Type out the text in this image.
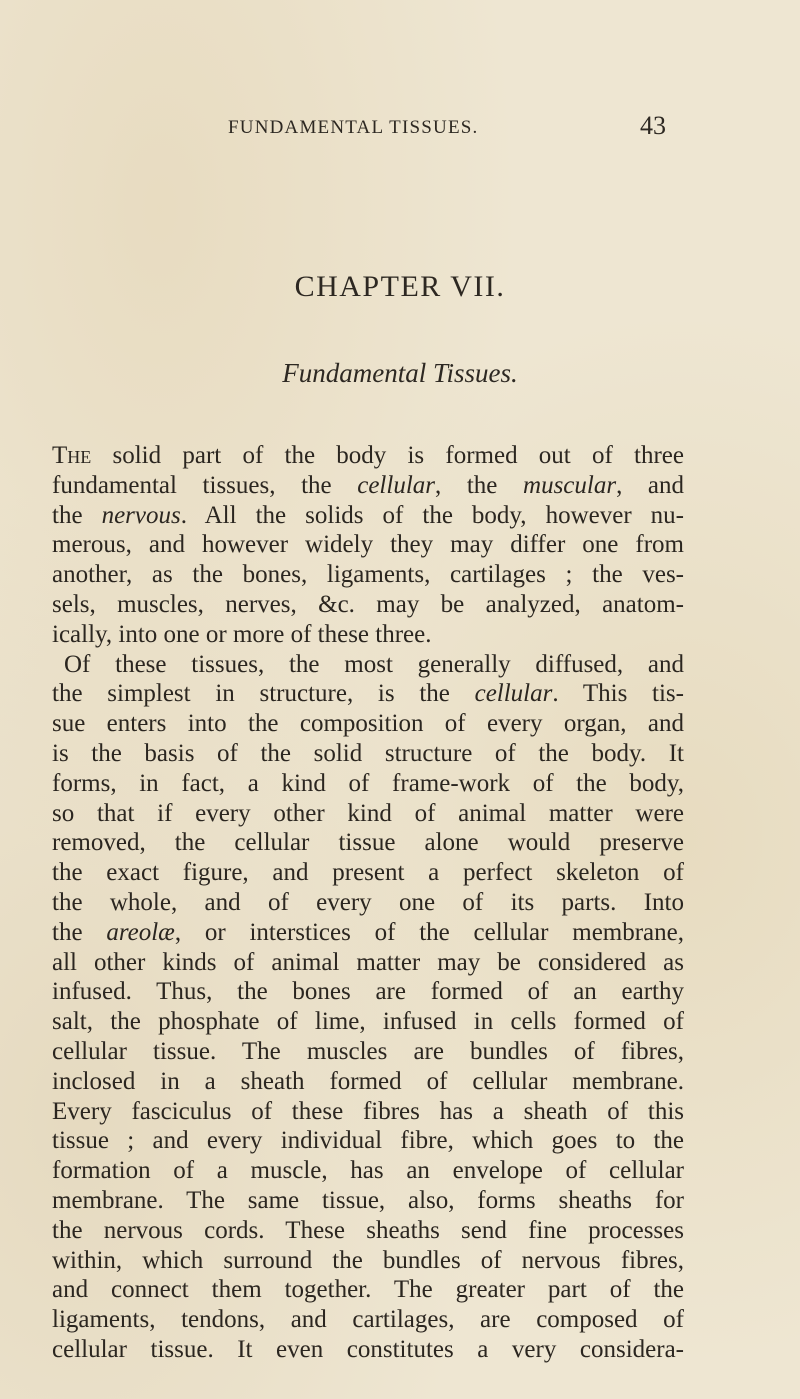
FUNDAMENTAL TISSUES.	43
CHAPTER VII.
Fundamental Tissues.
The solid part of the body is formed out of three
fundamental tissues, the cellular, the muscular, and
the nervous. All the solids of the body, however nu-
merous, and however widely they may differ one from
another, as the bones, ligaments, cartilages ; the ves-
sels, muscles, nerves, &c. may be analyzed, anatom-
ically, into one or more of these three.
Of these tissues, the most generally diffused, and
the simplest in structure, is the cellular. This tis-
sue enters into the composition of every organ, and
is the basis of the solid structure of the body. It
forms, in fact, a kind of frame-work of the body,
so that if every other kind of animal matter were
removed, the cellular tissue alone would preserve
the exact figure, and present a perfect skeleton of
the whole, and of every one of its parts. Into
the areolæ, or interstices of the cellular membrane,
all other kinds of animal matter may be considered as
infused. Thus, the bones are formed of an earthy
salt, the phosphate of lime, infused in cells formed of
cellular tissue. The muscles are bundles of fibres,
inclosed in a sheath formed of cellular membrane.
Every fasciculus of these fibres has a sheath of this
tissue ; and every individual fibre, which goes to the
formation of a muscle, has an envelope of cellular
membrane. The same tissue, also, forms sheaths for
the nervous cords. These sheaths send fine processes
within, which surround the bundles of nervous fibres,
and connect them together. The greater part of the
ligaments, tendons, and cartilages, are composed of
cellular tissue. It even constitutes a very considera-
